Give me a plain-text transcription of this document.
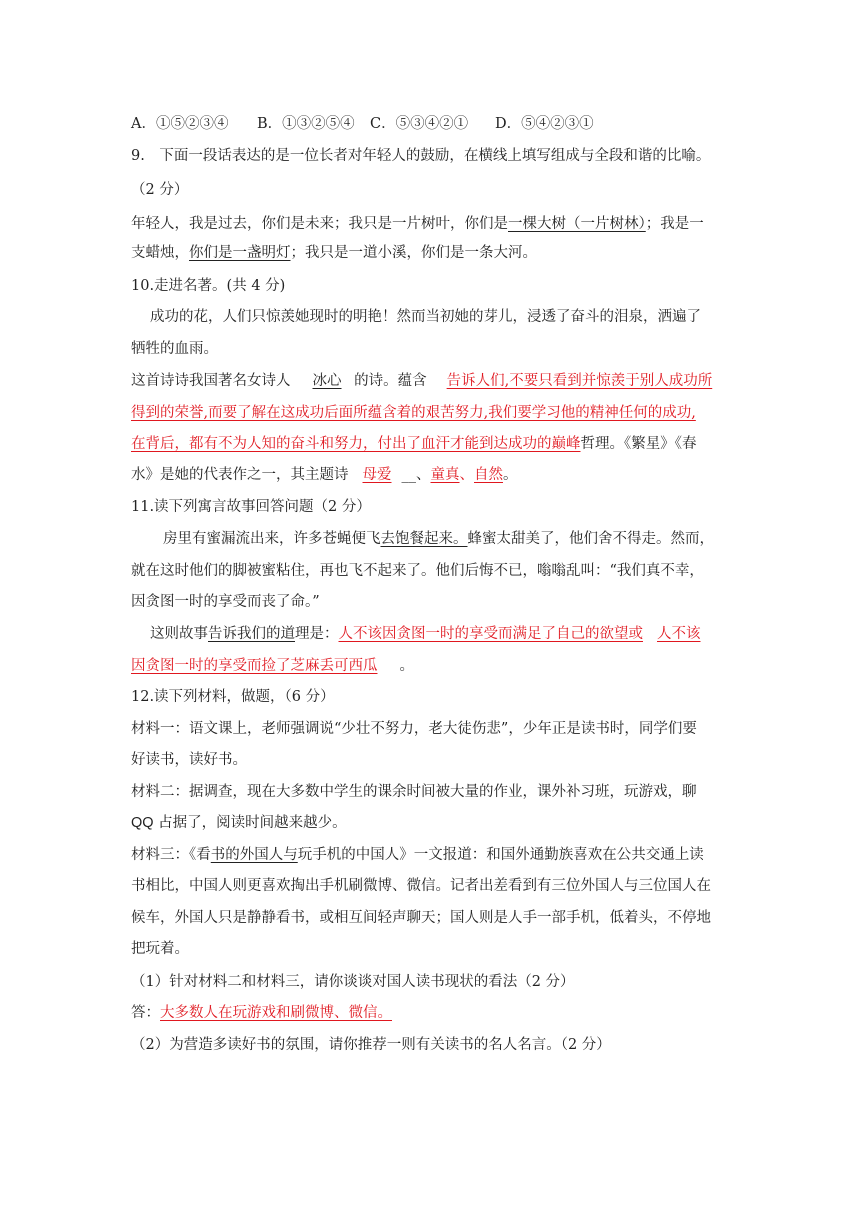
A．①⑤②③④ B．①③②⑤④ C．⑤③④②① D．⑤④②③①
9.　下面一段话表达的是一位长者对年轻人的鼓励，在横线上填写组成与全段和谐的比喻。
（2 分）
年轻人，我是过去，你们是未来；我只是一片树叶，你们是一棵大树（一片树林）；我是一
支蜡烛，你们是一盏明灯；我只是一道小溪，你们是一条大河。
10.走进名著。(共 4 分)
成功的花，人们只惊羡她现时的明艳！然而当初她的芽儿，浸透了奋斗的泪泉，洒遍了
牺牲的血雨。
这首诗诗我国著名女诗人 冰心 的诗。蕴含 告诉人们,不要只看到并惊羡于别人成功所
得到的荣誉,而要了解在这成功后面所蕴含着的艰苦努力,我们要学习他的精神任何的成功,
在背后，都有不为人知的奋斗和努力，付出了血汗才能到达成功的巅峰哲理。《繁星》《春
水》是她的代表作之一，其主题诗 母爱 __、童真、自然。
11.读下列寓言故事回答问题（2 分）
房里有蜜漏流出来，许多苍蝇便飞去饱餐起来。蜂蜜太甜美了，他们舍不得走。然而，
就在这时他们的脚被蜜粘住，再也飞不起来了。他们后悔不已，嗡嗡乱叫：“我们真不幸，
因贪图一时的享受而丧了命。”
这则故事告诉我们的道理是：人不该因贪图一时的享受而满足了自己的欲望或 人不该
因贪图一时的享受而捡了芝麻丢可西瓜 。
12.读下列材料，做题，（6 分）
材料一：语文课上，老师强调说“少壮不努力，老大徒伤悲”，少年正是读书时，同学们要
好读书，读好书。
材料二：据调查，现在大多数中学生的课余时间被大量的作业，课外补习班，玩游戏，聊
QQ 占据了，阅读时间越来越少。
材料三：《看书的外国人与玩手机的中国人》一文报道：和国外通勤族喜欢在公共交通上读
书相比，中国人则更喜欢掏出手机刷微博、微信。记者出差看到有三位外国人与三位国人在
候车，外国人只是静静看书，或相互间轻声聊天；国人则是人手一部手机，低着头，不停地
把玩着。
（1）针对材料二和材料三，请你谈谈对国人读书现状的看法（2 分）
答：大多数人在玩游戏和刷微博、微信。
（2）为营造多读好书的氛围，请你推荐一则有关读书的名人名言。（2 分）
